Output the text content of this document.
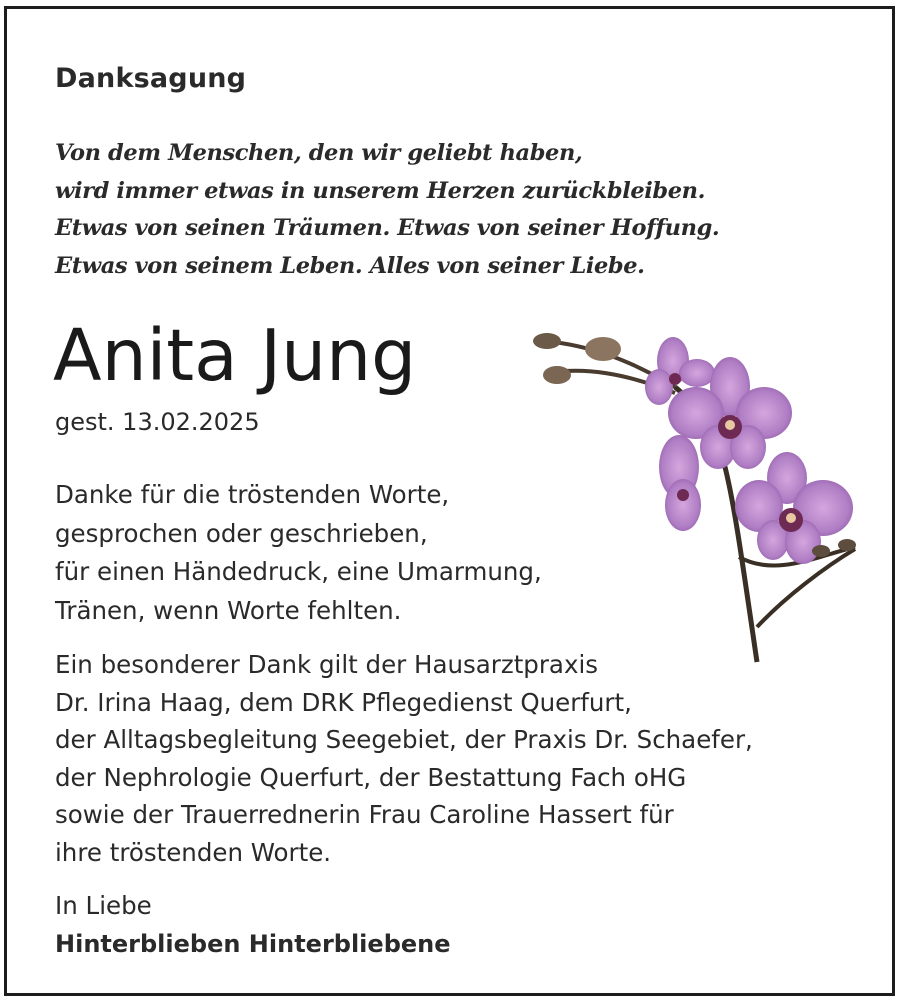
Danksagung
Von dem Menschen, den wir geliebt haben,
wird immer etwas in unserem Herzen zurückbleiben.
Etwas von seinen Träumen. Etwas von seiner Hoffung.
Etwas von seinem Leben. Alles von seiner Liebe.
Anita Jung
gest. 13.02.2025
Danke für die tröstenden Worte,
gesprochen oder geschrieben,
für einen Händedruck, eine Umarmung,
Tränen, wenn Worte fehlten.
Ein besonderer Dank gilt der Hausarztpraxis
Dr. Irina Haag, dem DRK Pflegedienst Querfurt,
der Alltagsbegleitung Seegebiet, der Praxis Dr. Schaefer,
der Nephrologie Querfurt, der Bestattung Fach oHG
sowie der Trauerrednerin Frau Caroline Hassert für
ihre tröstenden Worte.
In Liebe
Hinterblieben Hinterbliebene
